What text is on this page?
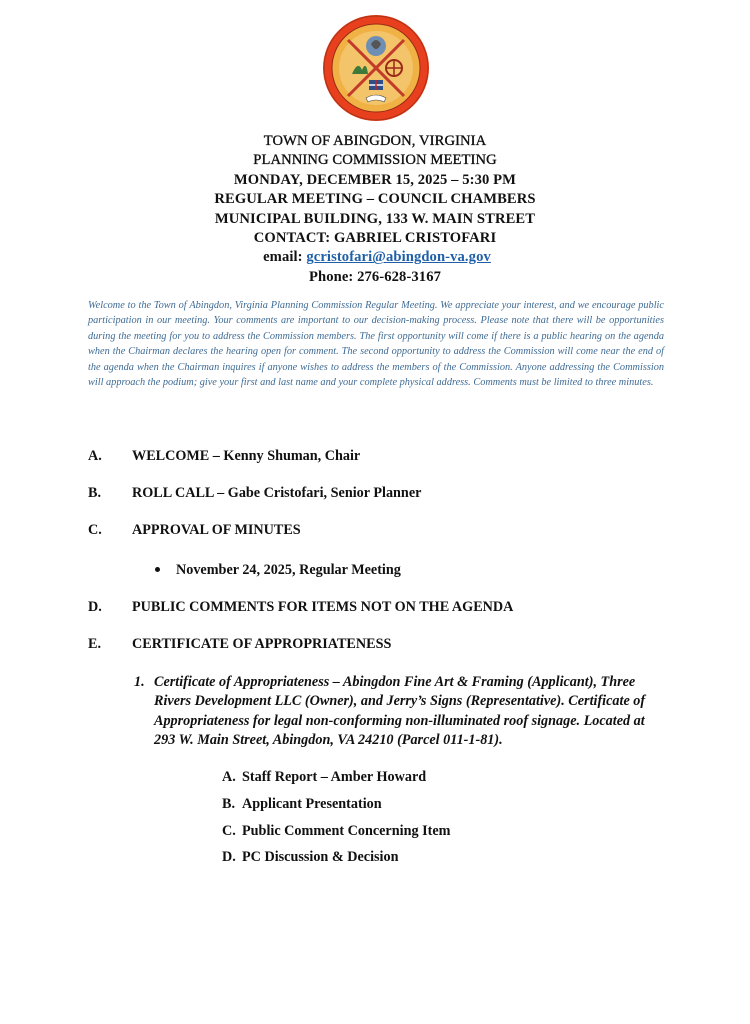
TOWN OF ABINGDON, VIRGINIA
PLANNING COMMISSION MEETING
MONDAY, DECEMBER 15, 2025 – 5:30 PM
REGULAR MEETING – COUNCIL CHAMBERS
MUNICIPAL BUILDING, 133 W. MAIN STREET
CONTACT: GABRIEL CRISTOFARI
email: gcristofari@abingdon-va.gov
Phone: 276-628-3167
Welcome to the Town of Abingdon, Virginia Planning Commission Regular Meeting. We appreciate your interest, and we encourage public participation in our meeting. Your comments are important to our decision-making process. Please note that there will be opportunities during the meeting for you to address the Commission members. The first opportunity will come if there is a public hearing on the agenda when the Chairman declares the hearing open for comment. The second opportunity to address the Commission will come near the end of the agenda when the Chairman inquires if anyone wishes to address the members of the Commission. Anyone addressing the Commission will approach the podium; give your first and last name and your complete physical address. Comments must be limited to three minutes.
A. WELCOME – Kenny Shuman, Chair
B. ROLL CALL – Gabe Cristofari, Senior Planner
C. APPROVAL OF MINUTES
November 24, 2025, Regular Meeting
D. PUBLIC COMMENTS FOR ITEMS NOT ON THE AGENDA
E. CERTIFICATE OF APPROPRIATENESS
1. Certificate of Appropriateness – Abingdon Fine Art & Framing (Applicant), Three Rivers Development LLC (Owner), and Jerry’s Signs (Representative). Certificate of Appropriateness for legal non-conforming non-illuminated roof signage. Located at 293 W. Main Street, Abingdon, VA 24210 (Parcel 011-1-81).
A. Staff Report – Amber Howard
B. Applicant Presentation
C. Public Comment Concerning Item
D. PC Discussion & Decision
